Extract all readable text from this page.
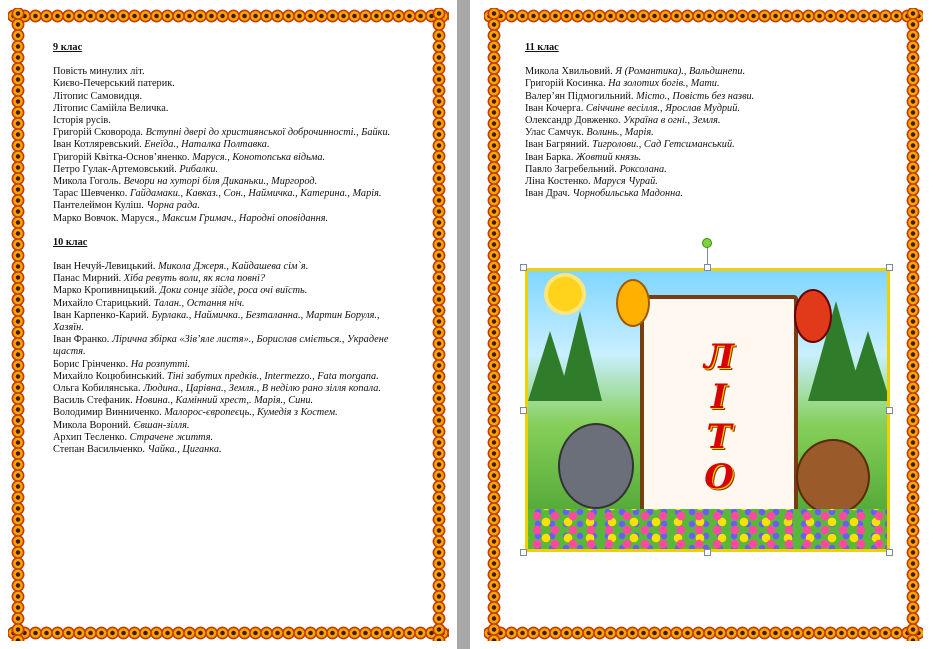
9 клас
Повість минулих літ.
Києво-Печерський патерик.
Літопис Самовидця.
Літопис Самійла Величка.
Історія русів.
Григорій Сковорода. Вступні двері до християнської доброчинності., Байки.
Іван Котляревський. Енеїда., Наталка Полтавка.
Григорій Квітка-Основ’яненко. Маруся., Конотопська відьма.
Петро Гулак-Артемовський. Рибалки.
Микола Гоголь. Вечори на хуторі біля Диканьки., Миргород.
Тарас Шевченко. Гайдамаки., Кавказ., Сон., Наймичка., Катерина., Марія.
Пантелеймон Куліш. Чорна рада.
Марко Вовчок. Маруся., Максим Гримач., Народні оповідання.
10 клас
Іван Нечуй-Левицький. Микола Джеря., Кайдашева сім`я.
Панас Мирний. Хіба ревуть воли, як ясла повні?
Марко Кропивницький. Доки сонце зійде, роса очі виїсть.
Михайло Старицький. Талан., Остання ніч.
Іван Карпенко-Карий. Бурлака., Наймичка., Безталанна., Мартин Боруля., Хазяїн.
Іван Франко. Лірична збірка «Зів’яле листя»., Борислав сміється., Украдене щастя.
Борис Грінченко. На розпутті.
Михайло Коцюбинський. Тіні забутих предків., Intermezzo., Fata morgana.
Ольга Кобилянська. Людина., Царівна., Земля., В неділю рано зілля копала.
Василь Стефаник. Новина., Камінний хрест,. Марія., Сини.
Володимир Винниченко. Малорос-європеєць., Кумедія з Костем.
Микола Вороний. Євшан-зілля.
Архип Тесленко. Страчене життя.
Степан Васильченко. Чайка., Циганка.
11 клас
Микола Хвильовий. Я (Романтика)., Вальдшнепи.
Григорій Косинка. На золотих богів., Мати.
Валер’ян Підмогильний. Місто., Повість без назви.
Іван Кочерга. Свіччине весілля., Ярослав Мудрий.
Олександр Довженко. Україна в огні., Земля.
Улас Самчук. Волинь., Марія.
Іван Багряний. Тигролови., Сад Гетсиманський.
Іван Барка. Жовтий князь.
Павло Загребельний. Роксолана.
Ліна Костенко. Маруся Чурай.
Іван Драч. Чорнобильська Мадонна.
Л
І
Т
О
